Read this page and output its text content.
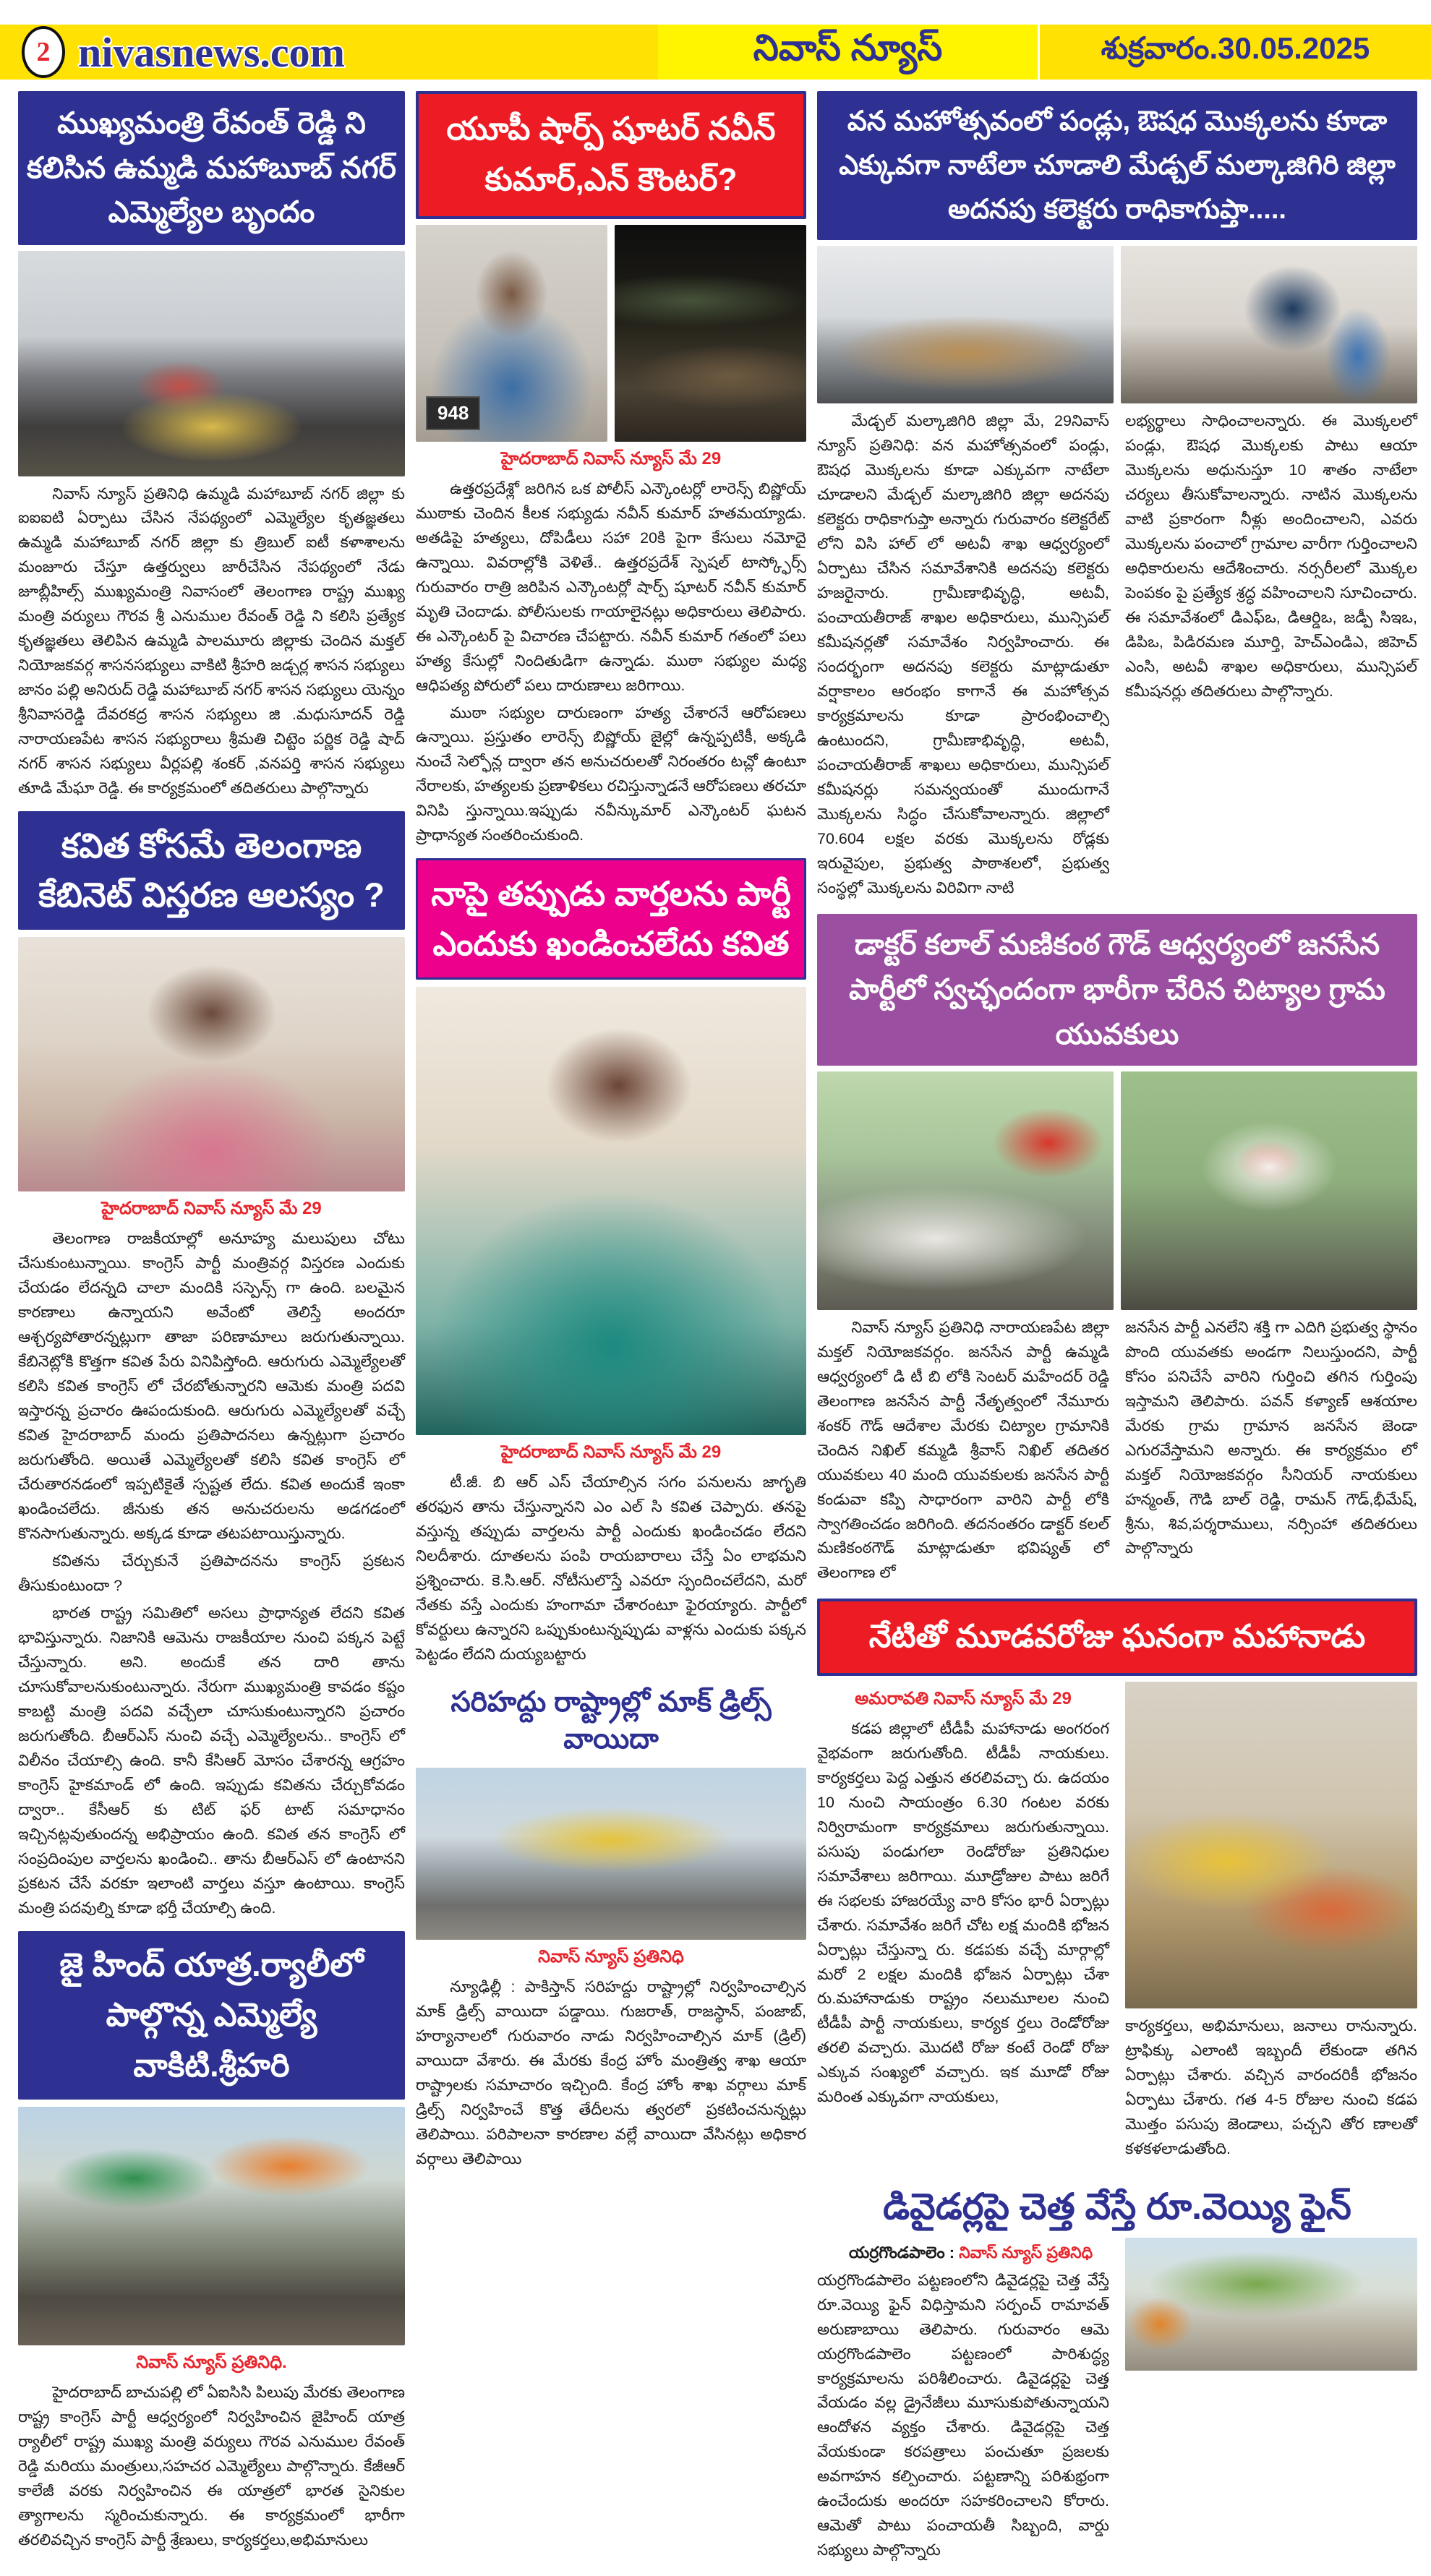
2 nivasnews.com	నివాస్ న్యూస్	శుక్రవారం.30.05.2025
ముఖ్యమంత్రి రేవంత్ రెడ్డి ని కలిసిన ఉమ్మడి మహాబూబ్ నగర్ ఎమ్మెల్యేల బృందం

నివాస్ న్యూస్ ప్రతినిధి ఉమ్మడి మహాబూబ్ నగర్ జిల్లా కు ఐఐఐటి ఏర్పాటు చేసిన నేపథ్యంలో ఎమ్మెల్యేల కృతజ్ఞతలు ఉమ్మడి మహాబూబ్ నగర్ జిల్లా కు త్రిబుల్ ఐటీ కళాశాలను మంజూరు చేస్తూ ఉత్తర్వులు జారీచేసిన నేపథ్యంలో నేడు జూబ్లీహిల్స్ ముఖ్యమంత్రి నివాసంలో తెలంగాణ రాష్ట్ర ముఖ్య మంత్రి వర్యులు గౌరవ శ్రీ ఎనుముల రేవంత్ రెడ్డి ని కలిసి ప్రత్యేక కృతజ్ఞతలు తెలిపిన ఉమ్మడి పాలమూరు జిల్లాకు చెందిన మక్తల్ నియోజకవర్గ శాసనసభ్యులు వాకిటి శ్రీహరి జడ్చర్ల శాసన సభ్యులు జానం పల్లి అనిరుద్ రెడ్డి మహాబూబ్ నగర్ శాసన సభ్యులు యెన్నం శ్రీనివాసరెడ్డి దేవరకద్ర శాసన సభ్యులు జి .మధుసూదన్ రెడ్డి నారాయణపేట శాసన సభ్యురాలు శ్రీమతి చిట్టెం పర్ణిక రెడ్డి షాద్ నగర్ శాసన సభ్యులు వీర్లపల్లి శంకర్ ,వనపర్తి శాసన సభ్యులు తూడి మేఘా రెడ్డి. ఈ కార్యక్రమంలో తదితరులు పాల్గొన్నారు

కవిత కోసమే తెలంగాణ కేబినెట్ విస్తరణ ఆలస్యం ?
హైదరాబాద్ నివాస్ న్యూస్ మే 29

తెలంగాణ రాజకీయాల్లో అనూహ్య మలుపులు చోటు చేసుకుంటున్నాయి. కాంగ్రెస్ పార్టీ మంత్రివర్గ విస్తరణ ఎందుకు చేయడం లేదన్నది చాలా మందికి సస్పెన్స్ గా ఉంది. బలమైన కారణాలు ఉన్నాయని అవేంటో తెలిస్తే అందరూ ఆశ్చర్యపోతారన్నట్లుగా తాజా పరిణామాలు జరుగుతున్నాయి. కేబినెట్లోకి కొత్తగా కవిత పేరు వినిపిస్తోంది. ఆరుగురు ఎమ్మెల్యేలతో కలిసి కవిత కాంగ్రెస్ లో చేరబోతున్నారని ఆమెకు మంత్రి పదవి ఇస్తారన్న ప్రచారం ఊపందుకుంది. ఆరుగురు ఎమ్మెల్యేలతో వచ్చే కవిత హైదరాబాద్ మందు ప్రతిపాదనలు ఉన్నట్లుగా ప్రచారం జరుగుతోంది. అయితే ఎమ్మెల్యేలతో కలిసి కవిత కాంగ్రెస్ లో చేరుతారనడంలో ఇప్పటికైతే స్పష్టత లేదు. కవిత అందుకే ఇంకా ఖండించలేదు. జీనుకు తన అనుచరులను అడగడంలో కొనసాగుతున్నారు. అక్కడ కూడా తటపటాయిస్తున్నారు.

కవితను చేర్చుకునే ప్రతిపాదనను కాంగ్రెస్ ప్రకటన తీసుకుంటుందా ?

భారత రాష్ట్ర సమితిలో అసలు ప్రాధాన్యత లేదని కవిత భావిస్తున్నారు. నిజానికి ఆమెను రాజకీయాల నుంచి పక్కన పెట్టే చేస్తున్నారు. అని. అందుకే తన దారి తాను చూసుకోవాలనుకుంటున్నారు. నేరుగా ముఖ్యమంత్రి కావడం కష్టం కాబట్టి మంత్రి పదవి వచ్చేలా చూసుకుంటున్నారని ప్రచారం జరుగుతోంది. బీఆర్ఎస్ నుంచి వచ్చే ఎమ్మెల్యేలను.. కాంగ్రెస్ లో విలీనం చేయాల్సి ఉంది. కానీ కేసిఆర్ మోసం చేశారన్న ఆగ్రహం కాంగ్రెస్ హైకమాండ్ లో ఉంది. ఇప్పుడు కవితను చేర్చుకోవడం ద్వారా.. కేసీఆర్ కు టిట్ ఫర్ టాట్ సమాధానం ఇచ్చినట్లవుతుందన్న అభిప్రాయం ఉంది. కవిత తన కాంగ్రెస్ లో సంప్రదింపుల వార్తలను ఖండించి.. తాను బీఆర్ఎస్ లో ఉంటానని ప్రకటన చేసే వరకూ ఇలాంటి వార్తలు వస్తూ ఉంటాయి. కాంగ్రెస్ మంత్రి పదవుల్ని కూడా భర్తీ చేయాల్సి ఉంది.

జై హింద్ యాత్ర.ర్యాలీలో పాల్గొన్న ఎమ్మెల్యే వాకిటి.శ్రీహరి
నివాస్ న్యూస్ ప్రతినిధి.

హైదరాబాద్ బాచుపల్లి లో ఏఐసిసి పిలుపు మేరకు తెలంగాణ రాష్ట్ర కాంగ్రెస్ పార్టీ ఆధ్వర్యంలో నిర్వహించిన జైహింద్ యాత్ర ర్యాలీలో రాష్ట్ర ముఖ్య మంత్రి వర్యులు గౌరవ ఎనుముల రేవంత్ రెడ్డి మరియు మంత్రులు,సహచర ఎమ్మెల్యేలు పాల్గొన్నారు. కేజీఆర్ కాలేజీ వరకు నిర్వహించిన ఈ యాత్రలో భారత సైనికుల త్యాగాలను స్మరించుకున్నారు. ఈ కార్యక్రమంలో భారీగా తరలివచ్చిన కాంగ్రెస్ పార్టీ శ్రేణులు, కార్యకర్తలు,అభిమానులు

యూపీ షార్ప్ షూటర్ నవీన్ కుమార్,ఎన్ కౌంటర్?
948
హైదరాబాద్ నివాస్ న్యూస్ మే 29

ఉత్తరప్రదేశ్లో జరిగిన ఒక పోలీస్ ఎన్కౌంటర్లో లారెన్స్ బిష్ణోయ్ ముఠాకు చెందిన కీలక సభ్యుడు నవీన్ కుమార్ హతమయ్యాడు. అతడిపై హత్యలు, దోపిడీలు సహా 20కి పైగా కేసులు నమోదై ఉన్నాయి. వివరాల్లోకి వెళితే.. ఉత్తరప్రదేశ్ స్పెషల్ టాస్క్ఫోర్స్ గురువారం రాత్రి జరిపిన ఎన్కౌంటర్లో షార్ప్ షూటర్ నవీన్ కుమార్ మృతి చెందాడు. పోలీసులకు గాయాలైనట్లు అధికారులు తెలిపారు. ఈ ఎన్కౌంటర్ పై విచారణ చేపట్టారు. నవీన్ కుమార్ గతంలో పలు హత్య కేసుల్లో నిందితుడిగా ఉన్నాడు. ముఠా సభ్యుల మధ్య ఆధిపత్య పోరులో పలు దారుణాలు జరిగాయి.

ముఠా సభ్యుల దారుణంగా హత్య చేశారనే ఆరోపణలు ఉన్నాయి. ప్రస్తుతం లారెన్స్ బిష్ణోయ్ జైల్లో ఉన్నప్పటికీ, అక్కడి నుంచే సెల్ఫోన్ల ద్వారా తన అనుచరులతో నిరంతరం టచ్లో ఉంటూ నేరాలకు, హత్యలకు ప్రణాళికలు రచిస్తున్నాడనే ఆరోపణలు తరచూ వినిపి స్తున్నాయి.ఇప్పుడు నవీన్కుమార్ ఎన్కౌంటర్ ఘటన ప్రాధాన్యత సంతరించుకుంది.

నాపై తప్పుడు వార్తలను పార్టీ ఎందుకు ఖండించలేదు కవిత
హైదరాబాద్ నివాస్ న్యూస్ మే 29

టీ.జీ. బి ఆర్ ఎస్ చేయాల్సిన సగం పనులను జాగృతి తరఫున తాను చేస్తున్నానని ఎం ఎల్ సి కవిత చెప్పారు. తనపై వస్తున్న తప్పుడు వార్తలను పార్టీ ఎందుకు ఖండించడం లేదని నిలదీశారు. దూతలను పంపి రాయబారాలు చేస్తే ఏం లాభమని ప్రశ్నించారు. కె.సి.ఆర్. నోటీసులొస్తే ఎవరూ స్పందించలేదని, మరో నేతకు వస్తే ఎందుకు హంగామా చేశారంటూ ఫైరయ్యారు. పార్టీలో కోవర్టులు ఉన్నారని ఒప్పుకుంటున్నప్పుడు వాళ్లను ఎందుకు పక్కన పెట్టడం లేదని దుయ్యబట్టారు

సరిహద్దు రాష్ట్రాల్లో మాక్ డ్రిల్స్ వాయిదా
నివాస్ న్యూస్ ప్రతినిధి

న్యూఢిల్లీ : పాకిస్తాన్ సరిహద్దు రాష్ట్రాల్లో నిర్వహించాల్సిన మాక్ డ్రిల్స్ వాయిదా పడ్డాయి. గుజరాత్, రాజస్థాన్, పంజాబ్, హర్యానాలలో గురువారం నాడు నిర్వహించాల్సిన మాక్ (డ్రిల్) వాయిదా వేశారు. ఈ మేరకు కేంద్ర హోం మంత్రిత్వ శాఖ ఆయా రాష్ట్రాలకు సమాచారం ఇచ్చింది. కేంద్ర హోం శాఖ వర్గాలు మాక్ డ్రిల్స్ నిర్వహించే కొత్త తేదీలను త్వరలో ప్రకటించనున్నట్లు తెలిపాయి. పరిపాలనా కారణాల వల్లే వాయిదా వేసినట్లు అధికార వర్గాలు తెలిపాయి

వన మహోత్సవంలో పండ్లు, ఔషధ మొక్కలను కూడా ఎక్కువగా నాటేలా చూడాలి మేడ్చల్ మల్కాజిగిరి జిల్లా అదనపు కలెక్టరు రాధికాగుప్తా.....

మేడ్చల్ మల్కాజిగిరి జిల్లా మే, 29నివాస్ న్యూస్ ప్రతినిధి: వన మహోత్సవంలో పండ్లు, ఔషధ మొక్కలను కూడా ఎక్కువగా నాటేలా చూడాలని మేడ్చల్ మల్కాజిగిరి జిల్లా అదనపు కలెక్టరు రాధికాగుప్తా అన్నారు గురువారం కలెక్టరేట్ లోని విసి హాల్ లో అటవీ శాఖ ఆధ్వర్యంలో ఏర్పాటు చేసిన సమావేశానికి అదనపు కలెక్టరు హజరైనారు. గ్రామీణాభివృద్ధి, అటవీ, పంచాయతీరాజ్ శాఖల అధికారులు, మున్సిపల్ కమీషనర్లతో సమావేశం నిర్వహించారు. ఈ సందర్భంగా అదనపు కలెక్టరు మాట్లాడుతూ వర్షాకాలం ఆరంభం కాగానే ఈ మహోత్సవ కార్యక్రమాలను కూడా ప్రారంభించాల్సి ఉంటుందని, గ్రామీణాభివృద్ధి, అటవీ, పంచాయతీరాజ్ శాఖలు అధికారులు, మున్సిపల్ కమీషనర్లు సమన్వయంతో ముందుగానే మొక్కలను సిద్ధం చేసుకోవాలన్నారు. జిల్లాలో 70.604 లక్షల వరకు మొక్కలను రోడ్లకు ఇరువైపుల, ప్రభుత్వ పాఠాశలలో, ప్రభుత్వ సంస్థల్లో మొక్కలను విరివిగా నాటి

లభ్యర్థాలు సాధించాలన్నారు. ఈ మొక్కలలో పండ్లు, ఔషధ మొక్కలకు పాటు ఆయా మొక్కలను అధునుస్తూ 10 శాతం నాటేలా చర్యలు తీసుకోవాలన్నారు. నాటిన మొక్కలను వాటి ప్రకారంగా నీళ్లు అందించాలని, ఎవరు మొక్కలను పంచాలో గ్రామాల వారీగా గుర్తించాలని అధికారులను ఆదేశించారు. నర్సరీలలో మొక్కల పెంపకం పై ప్రత్యేక శ్రద్ధ వహించాలని సూచించారు. ఈ సమావేశంలో డిఎఫ్ఒ, డిఆర్డిఒ, జడ్పీ సిఇఒ, డిపిఒ, పిడిరమణ మూర్తి, హెచ్ఎండిఎ, జిహెచ్ ఎంసి, అటవీ శాఖల అధికారులు, మున్సిపల్ కమీషనర్లు తదితరులు పాల్గొన్నారు.

డాక్టర్ కలాల్ మణికంఠ గౌడ్ ఆధ్వర్యంలో జనసేన పార్టీలో స్వచ్ఛందంగా భారీగా చేరిన చిట్యాల గ్రామ యువకులు

నివాస్ న్యూస్ ప్రతినిధి నారాయణపేట జిల్లా మక్తల్ నియోజకవర్గం. జనసేన పార్టీ ఉమ్మడి ఆధ్వర్యంలో డి టీ బి లోకి సెంటర్ మహేందర్ రెడ్డి తెలంగాణ జనసేన పార్టీ నేతృత్వంలో నేమూరు శంకర్ గౌడ్ ఆదేశాల మేరకు చిట్యాల గ్రామానికి చెందిన నిఖిల్ కమ్మడి శ్రీవాస్ నిఖిల్ తదితర యువకులు 40 మంది యువకులకు జనసేన పార్టీ కండువా కప్పి సాధారంగా వారిని పార్టీ లోకి స్వాగతించడం జరిగింది. తదనంతరం డాక్టర్ కలల్ మణికంఠగౌడ్ మాట్లాడుతూ భవిష్యత్ లో తెలంగాణ లో

జనసేన పార్టీ ఎనలేని శక్తి గా ఎదిగి ప్రభుత్వ స్థానం పొంది యువతకు అండగా నిలుస్తుందని, పార్టీ కోసం పనిచేసే వారిని గుర్తించి తగిన గుర్తింపు ఇస్తామని తెలిపారు. పవన్ కళ్యాణ్ ఆశయాల మేరకు గ్రామ గ్రామాన జనసేన జెండా ఎగురవేస్తామని అన్నారు. ఈ కార్యక్రమం లో మక్తల్ నియోజకవర్గం సీనియర్ నాయకులు హన్మంత్, గౌడి బాల్ రెడ్డి, రామన్ గౌడ్,భీమేష్, శ్రీను, శివ,పర్శరాములు, నర్సింహా తదితరులు పాల్గొన్నారు

నేటితో మూడవరోజు ఘనంగా మహానాడు
అమరావతి నివాస్ న్యూస్ మే 29

కడప జిల్లాలో టీడీపీ మహానాడు అంగరంగ వైభవంగా జరుగుతోంది. టీడీపీ నాయకులు. కార్యకర్తలు పెద్ద ఎత్తున తరలివచ్చా రు. ఉదయం 10 నుంచి సాయంత్రం 6.30 గంటల వరకు నిర్విరామంగా కార్యక్రమాలు జరుగుతున్నాయి. పసుపు పండుగలా రెండోరోజు ప్రతినిధుల సమావేశాలు జరిగాయి. మూడ్రోజుల పాటు జరిగే ఈ సభలకు హాజరయ్యే వారి కోసం భారీ ఏర్పాట్లు చేశారు. సమావేశం జరిగే చోట లక్ష మందికి భోజన ఏర్పాట్లు చేస్తున్నా రు. కడపకు వచ్చే మార్గాల్లో మరో 2 లక్షల మందికి భోజన ఏర్పాట్లు చేశా రు.మహానాడుకు రాష్ట్రం నలుమూలల నుంచి టీడీపీ పార్టీ నాయకులు, కార్యక ర్తలు రెండోరోజు తరలి వచ్చారు. మొదటి రోజు కంటే రెండో రోజు ఎక్కువ సంఖ్యలో వచ్చారు. ఇక మూడో రోజు మరింత ఎక్కువగా నాయకులు,

కార్యకర్తలు, అభిమానులు, జనాలు రానున్నారు. ట్రాఫిక్కు ఎలాంటి ఇబ్బందీ లేకుండా తగిన ఏర్పాట్లు చేశారు. వచ్చిన వారందరికీ భోజనం ఏర్పాటు చేశారు. గత 4-5 రోజుల నుంచి కడప మొత్తం పసుపు జెండాలు, పచ్చని తోర ణాలతో కళకళలాడుతోంది.

డివైడర్లపై చెత్త వేస్తే రూ.వెయ్యి ఫైన్
యర్రగొండపాలెం : నివాస్ న్యూస్ ప్రతినిధి

యర్రగొండపాలెం పట్టణంలోని డివైడర్లపై చెత్త వేస్తే రూ.వెయ్యి ఫైన్ విధిస్తామని సర్పంచ్ రామావత్ అరుణాబాయి తెలిపారు. గురువారం ఆమె యర్రగొండపాలెం పట్టణంలో పారిశుద్ధ్య కార్యక్రమాలను పరిశీలించారు. డివైడర్లపై చెత్త వేయడం వల్ల డ్రైనేజీలు మూసుకుపోతున్నాయని ఆందోళన వ్యక్తం చేశారు. డివైడర్లపై చెత్త వేయకుండా కరపత్రాలు పంచుతూ ప్రజలకు అవగాహన కల్పించారు. పట్టణాన్ని పరిశుభ్రంగా ఉంచేందుకు అందరూ సహకరించాలని కోరారు. ఆమెతో పాటు పంచాయతీ సిబ్బంది, వార్డు సభ్యులు పాల్గొన్నారు
